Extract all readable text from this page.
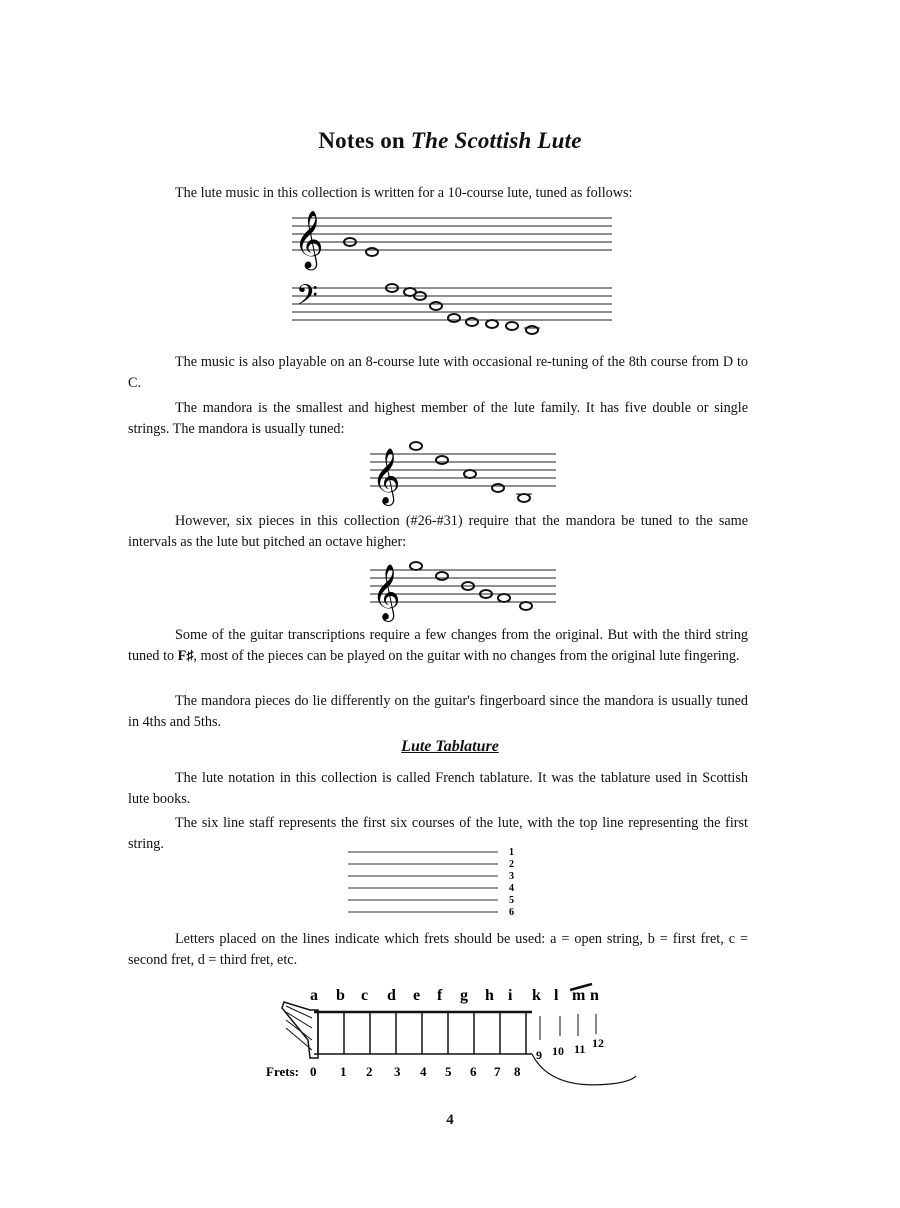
Notes on The Scottish Lute

The lute music in this collection is written for a 10-course lute, tuned as follows:

𝄞
𝄢

The music is also playable on an 8-course lute with occasional re-tuning of the 8th course from D to C.

The mandora is the smallest and highest member of the lute family. It has five double or single strings. The mandora is usually tuned:

𝄞

However, six pieces in this collection (#26-#31) require that the mandora be tuned to the same intervals as the lute but pitched an octave higher:

𝄞

Some of the guitar transcriptions require a few changes from the original. But with the third string tuned to F♯, most of the pieces can be played on the guitar with no changes from the original lute fingering.

The mandora pieces do lie differently on the guitar's fingerboard since the mandora is usually tuned in 4ths and 5ths.

Lute Tablature

The lute notation in this collection is called French tablature. It was the tablature used in Scottish lute books.

The six line staff represents the first six courses of the lute, with the top line representing the first string.

1
2
3
4
5
6

Letters placed on the lines indicate which frets should be used: a = open string, b = first fret, c = second fret, d = third fret, etc.

a b c d e f g h i k l m n
Frets: 0 1 2 3 4 5 6 7 8
9 10 11 12
4
